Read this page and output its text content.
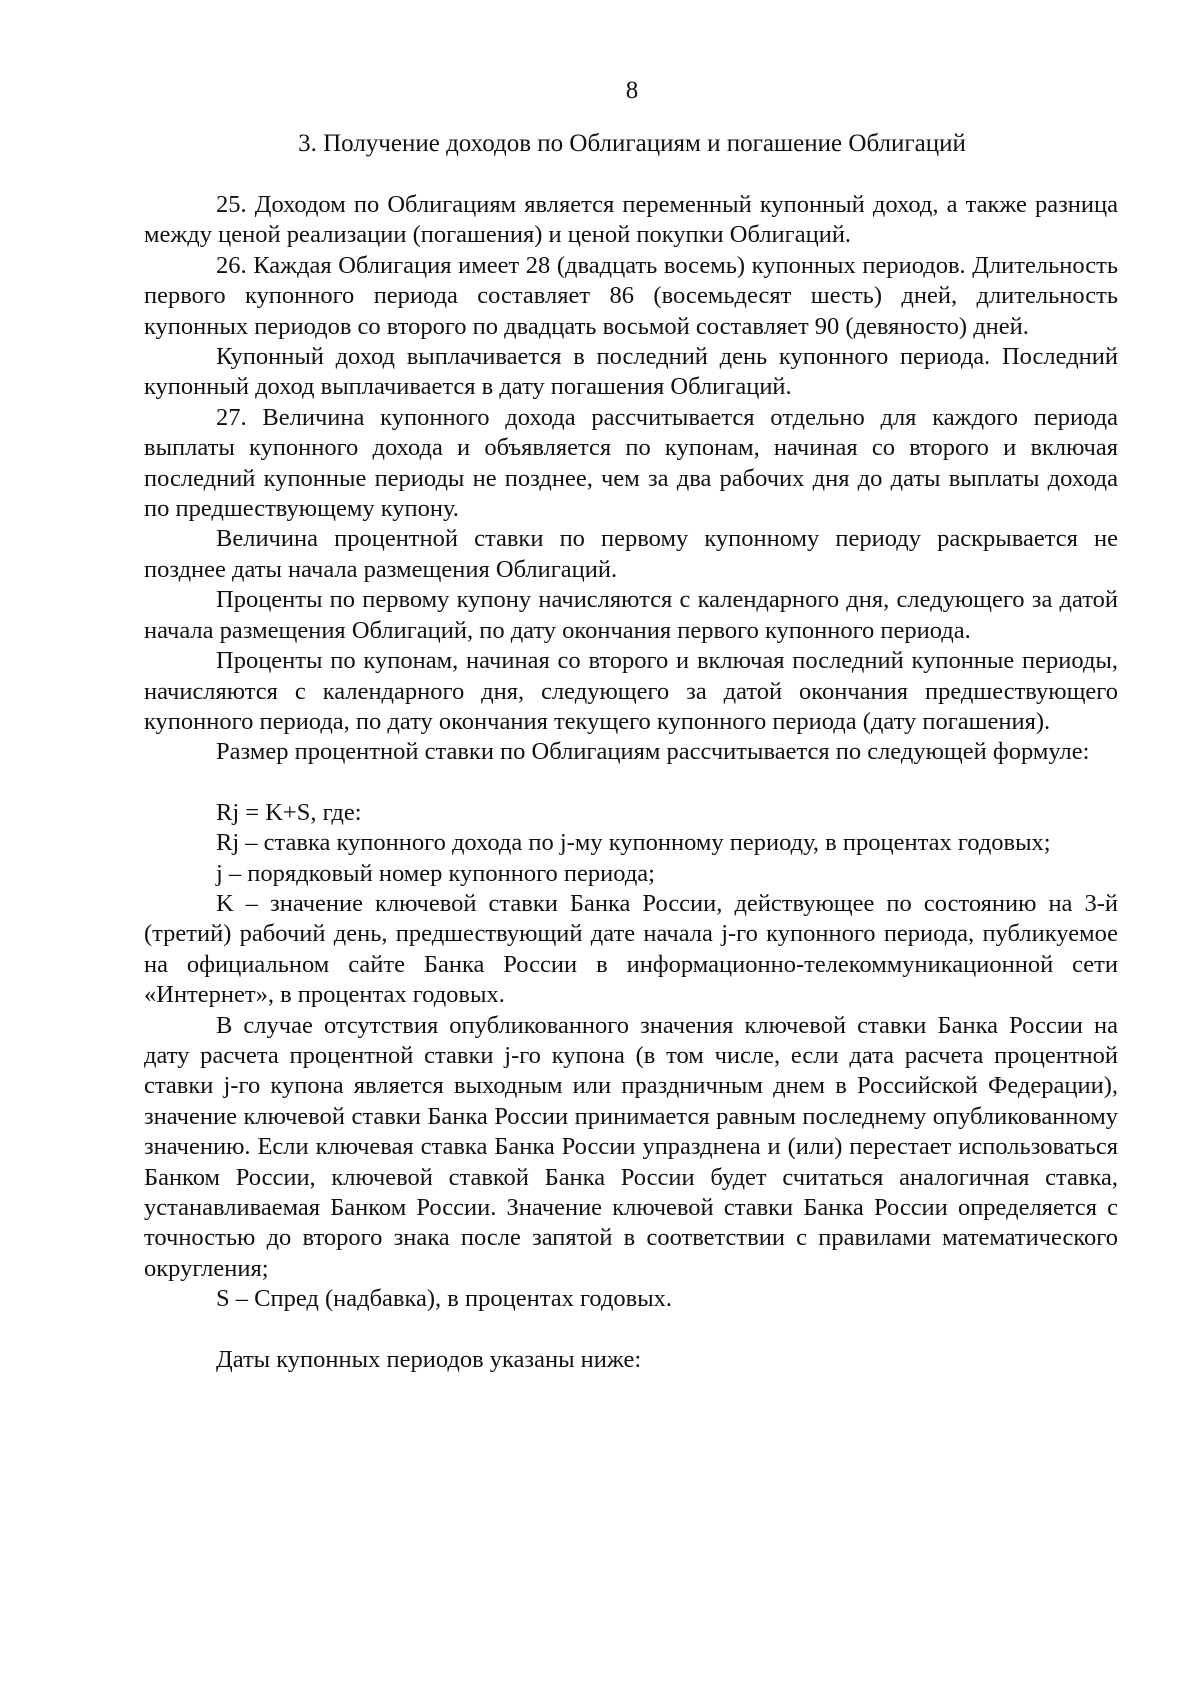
8
3. Получение доходов по Облигациям и погашение Облигаций

25. Доходом по Облигациям является переменный купонный доход, а также разница между ценой реализации (погашения) и ценой покупки Облигаций.

26. Каждая Облигация имеет 28 (двадцать восемь) купонных периодов. Длительность первого купонного периода составляет 86 (восемьдесят шесть) дней, длительность купонных периодов со второго по двадцать восьмой составляет 90 (девяносто) дней.

Купонный доход выплачивается в последний день купонного периода. Последний купонный доход выплачивается в дату погашения Облигаций.

27. Величина купонного дохода рассчитывается отдельно для каждого периода выплаты купонного дохода и объявляется по купонам, начиная со второго и включая последний купонные периоды не позднее, чем за два рабочих дня до даты выплаты дохода по предшествующему купону.

Величина процентной ставки по первому купонному периоду раскрывается не позднее даты начала размещения Облигаций.

Проценты по первому купону начисляются с календарного дня, следующего за датой начала размещения Облигаций, по дату окончания первого купонного периода.

Проценты по купонам, начиная со второго и включая последний купонные периоды, начисляются с календарного дня, следующего за датой окончания предшествующего купонного периода, по дату окончания текущего купонного периода (дату погашения).

Размер процентной ставки по Облигациям рассчитывается по следующей формуле:

Rj = K+S, где:

Rj – ставка купонного дохода по j-му купонному периоду, в процентах годовых;

j – порядковый номер купонного периода;

K – значение ключевой ставки Банка России, действующее по состоянию на 3-й (третий) рабочий день, предшествующий дате начала j-го купонного периода, публикуемое на официальном сайте Банка России в информационно-телекоммуникационной сети «Интернет», в процентах годовых.

В случае отсутствия опубликованного значения ключевой ставки Банка России на дату расчета процентной ставки j-го купона (в том числе, если дата расчета процентной ставки j-го купона является выходным или праздничным днем в Российской Федерации), значение ключевой ставки Банка России принимается равным последнему опубликованному значению. Если ключевая ставка Банка России упразднена и (или) перестает использоваться Банком России, ключевой ставкой Банка России будет считаться аналогичная ставка, устанавливаемая Банком России. Значение ключевой ставки Банка России определяется с точностью до второго знака после запятой в соответствии с правилами математического округления;

S – Спред (надбавка), в процентах годовых.

Даты купонных периодов указаны ниже:
